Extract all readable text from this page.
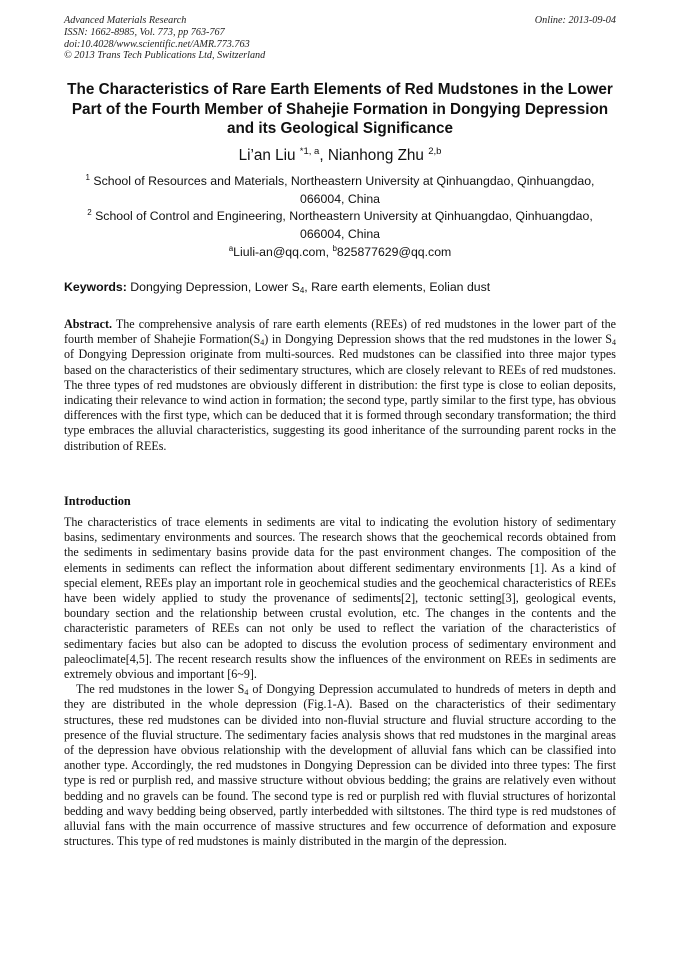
Advanced Materials Research
ISSN: 1662-8985, Vol. 773, pp 763-767
doi:10.4028/www.scientific.net/AMR.773.763
© 2013 Trans Tech Publications Ltd, Switzerland
Online: 2013-09-04
The Characteristics of Rare Earth Elements of Red Mudstones in the Lower Part of the Fourth Member of Shahejie Formation in Dongying Depression and its Geological Significance
Li’an Liu $^{*1, a}$, Nianhong Zhu $^{2,b}$
$^1$ School of Resources and Materials, Northeastern University at Qinhuangdao, Qinhuangdao, 066004, China
$^2$ School of Control and Engineering, Northeastern University at Qinhuangdao, Qinhuangdao, 066004, China
$^a$Liuli-an@qq.com, $^b$825877629@qq.com
Keywords: Dongying Depression, Lower $S_4$, Rare earth elements, Eolian dust
Abstract. The comprehensive analysis of rare earth elements (REEs) of red mudstones in the lower part of the fourth member of Shahejie $Formation(S_4)$ in Dongying Depression shows that the red mudstones in the lower $S_4$ of Dongying Depression originate from multi-sources. Red mudstones can be classified into three major types based on the characteristics of their sedimentary structures, which are closely relevant to REEs of red mudstones. The three types of red mudstones are obviously different in distribution: the first type is close to eolian deposits, indicating their relevance to wind action in formation; the second type, partly similar to the first type, has obvious differences with the first type, which can be deduced that it is formed through secondary transformation; the third type embraces the alluvial characteristics, suggesting its good inheritance of the surrounding parent rocks in the distribution of REEs.
Introduction

The characteristics of trace elements in sediments are vital to indicating the evolution history of sedimentary basins, sedimentary environments and sources. The research shows that the geochemical records obtained from the sediments in sedimentary basins provide data for the past environment changes. The composition of the elements in sediments can reflect the information about different sedimentary environments [1]. As a kind of special element, REEs play an important role in geochemical studies and the geochemical characteristics of REEs have been widely applied to study the provenance of sediments[2], tectonic setting[3], geological events, boundary section and the relationship between crustal evolution, etc. The changes in the contents and the characteristic parameters of REEs can not only be used to reflect the variation of the characteristics of sedimentary facies but also can be adopted to discuss the evolution process of sedimentary environment and paleoclimate[4,5]. The recent research results show the influences of the environment on REEs in sediments are extremely obvious and important [6~9].

The red mudstones in the lower $S_4$ of Dongying Depression accumulated to hundreds of meters in depth and they are distributed in the whole depression (Fig.1-A). Based on the characteristics of their sedimentary structures, these red mudstones can be divided into non-fluvial structure and fluvial structure according to the presence of the fluvial structure. The sedimentary facies analysis shows that red mudstones in the marginal areas of the depression have obvious relationship with the development of alluvial fans which can be classified into another type. Accordingly, the red mudstones in Dongying Depression can be divided into three types: The first type is red or purplish red, and massive structure without obvious bedding; the grains are relatively even without bedding and no gravels can be found. The second type is red or purplish red with fluvial structures of horizontal bedding and wavy bedding being observed, partly interbedded with siltstones. The third type is red mudstones of alluvial fans with the main occurrence of massive structures and few occurrence of deformation and exposure structures. This type of red mudstones is mainly distributed in the margin of the depression.
